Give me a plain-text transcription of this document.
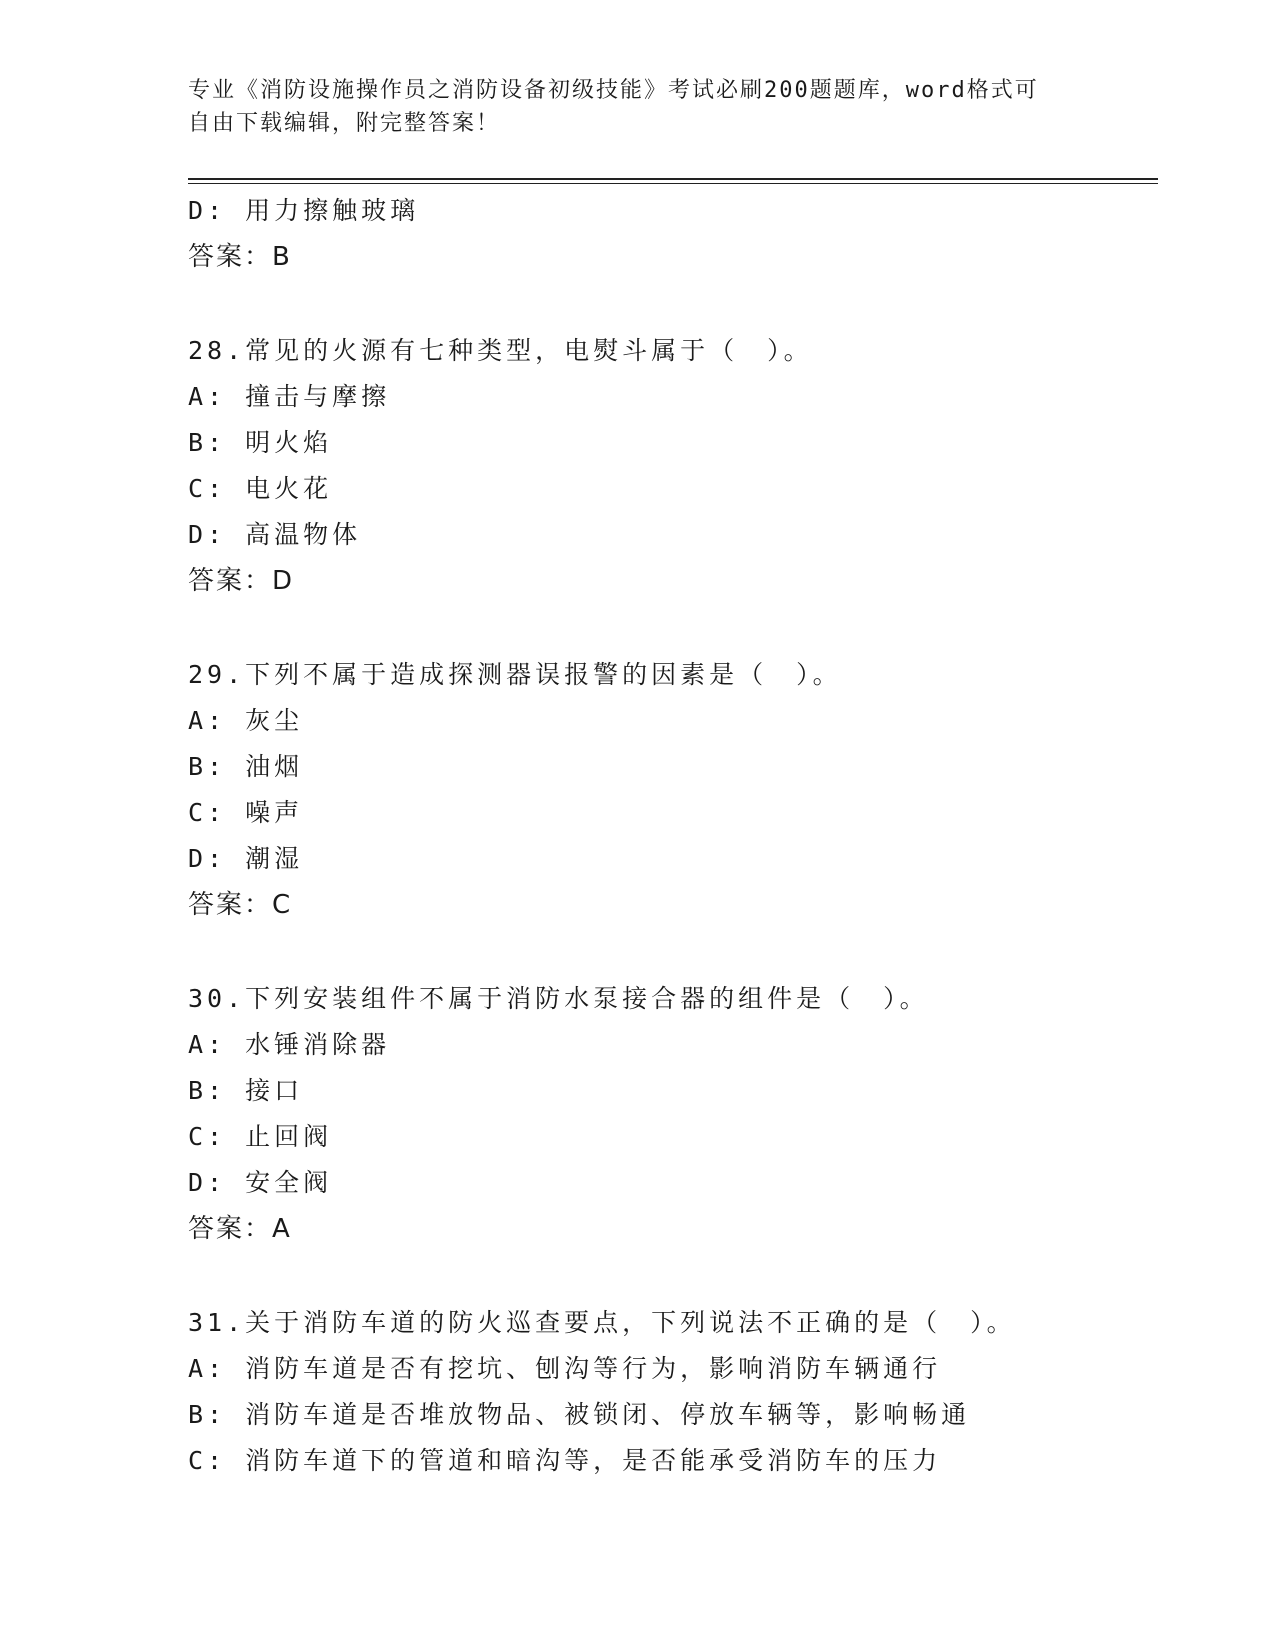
专业《消防设施操作员之消防设备初级技能》考试必刷200题题库，word格式可
自由下载编辑，附完整答案！
D: 用力擦触玻璃
答案：B
28.常见的火源有七种类型，电熨斗属于（　）。
A: 撞击与摩擦
B: 明火焰
C: 电火花
D: 高温物体
答案：D
29.下列不属于造成探测器误报警的因素是（　）。
A: 灰尘
B: 油烟
C: 噪声
D: 潮湿
答案：C
30.下列安装组件不属于消防水泵接合器的组件是（　）。
A: 水锤消除器
B: 接口
C: 止回阀
D: 安全阀
答案：A
31.关于消防车道的防火巡查要点，下列说法不正确的是（　）。
A: 消防车道是否有挖坑、刨沟等行为，影响消防车辆通行
B: 消防车道是否堆放物品、被锁闭、停放车辆等，影响畅通
C: 消防车道下的管道和暗沟等，是否能承受消防车的压力
